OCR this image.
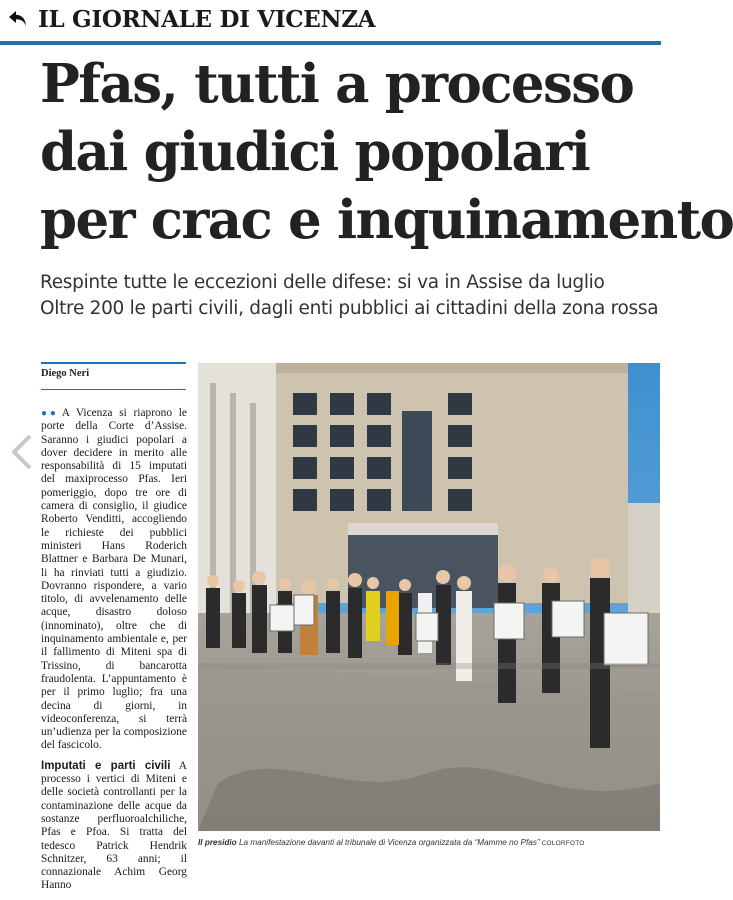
IL GIORNALE DI VICENZA
Pfas, tutti a processo
dai giudici popolari
per crac e inquinamento
Respinte tutte le eccezioni delle difese: si va in Assise da luglio
Oltre 200 le parti civili, dagli enti pubblici ai cittadini della zona rossa
Diego Neri

●● A Vicenza si riaprono le porte della Corte d’Assise. Saranno i giudici popolari a dover decidere in merito alle responsabilità di 15 imputati del maxiprocesso Pfas. Ieri pomeriggio, dopo tre ore di camera di consiglio, il giudice Roberto Venditti, accogliendo le richieste dei pubblici ministeri Hans Roderich Blattner e Barbara De Munari, li ha rinviati tutti a giudizio. Dovranno rispondere, a vario titolo, di avvelenamento delle acque, disastro doloso (innominato), oltre che di inquinamento ambientale e, per il fallimento di Miteni spa di Trissino, di bancarotta fraudolenta. L’appuntamento è per il primo luglio; fra una decina di giorni, in videoconferenza, si terrà un’udienza per la composizione del fascicolo.

Imputati e parti civili A processo i vertici di Miteni e delle società controllanti per la contaminazione delle acque da sostanze perfluoroalchiliche, Pfas e Pfoa. Si tratta del tedesco Patrick Hendrik Schnitzer, 63 anni; il connazionale Achim Georg Hanno

Il presidio La manifestazione davanti al tribunale di Vicenza organizzata da “Mamme no Pfas” COLORFOTO
